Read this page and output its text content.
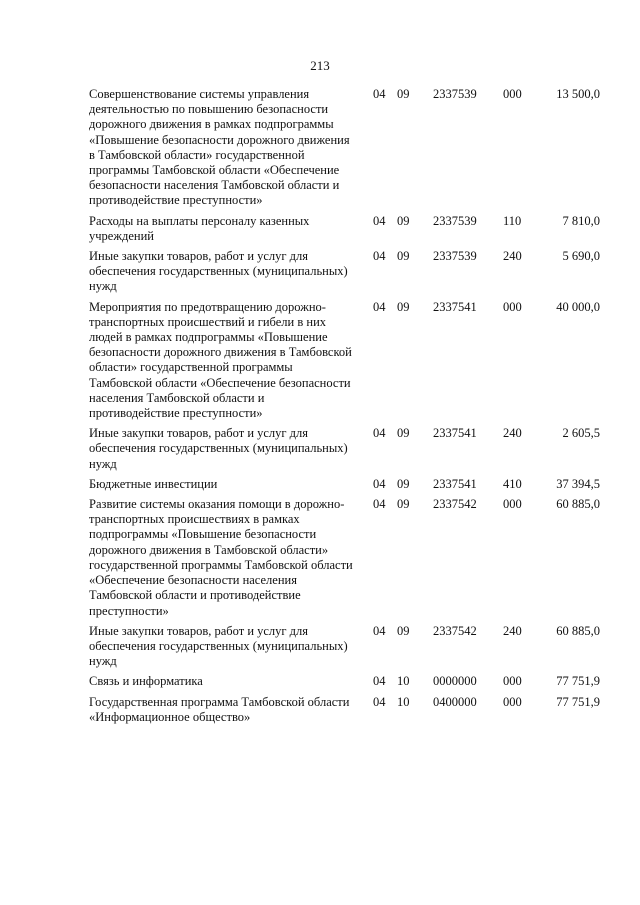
213
Совершенствование системы управления деятельностью по повышению безопасности дорожного движения в рамках подпрограммы «Повышение безопасности дорожного движения в Тамбовской области» государственной программы Тамбовской области «Обеспечение безопасности населения Тамбовской области и противодействие преступности»	04	09	2337539	000	13 500,0
Расходы на выплаты персоналу казенных учреждений	04	09	2337539	110	7 810,0
Иные закупки товаров, работ и услуг для обеспечения государственных (муниципальных) нужд	04	09	2337539	240	5 690,0
Мероприятия по предотвращению дорожно-транспортных происшествий и гибели в них людей в рамках подпрограммы «Повышение безопасности дорожного движения в Тамбовской области» государственной программы Тамбовской области «Обеспечение безопасности населения Тамбовской области и противодействие преступности»	04	09	2337541	000	40 000,0
Иные закупки товаров, работ и услуг для обеспечения государственных (муниципальных) нужд	04	09	2337541	240	2 605,5
Бюджетные инвестиции	04	09	2337541	410	37 394,5
Развитие системы оказания помощи в дорожно-транспортных происшествиях в рамках подпрограммы «Повышение безопасности дорожного движения в Тамбовской области» государственной программы Тамбовской области «Обеспечение безопасности населения Тамбовской области и противодействие преступности»	04	09	2337542	000	60 885,0
Иные закупки товаров, работ и услуг для обеспечения государственных (муниципальных) нужд	04	09	2337542	240	60 885,0
Связь и информатика	04	10	0000000	000	77 751,9
Государственная программа Тамбовской области «Информационное общество»	04	10	0400000	000	77 751,9
